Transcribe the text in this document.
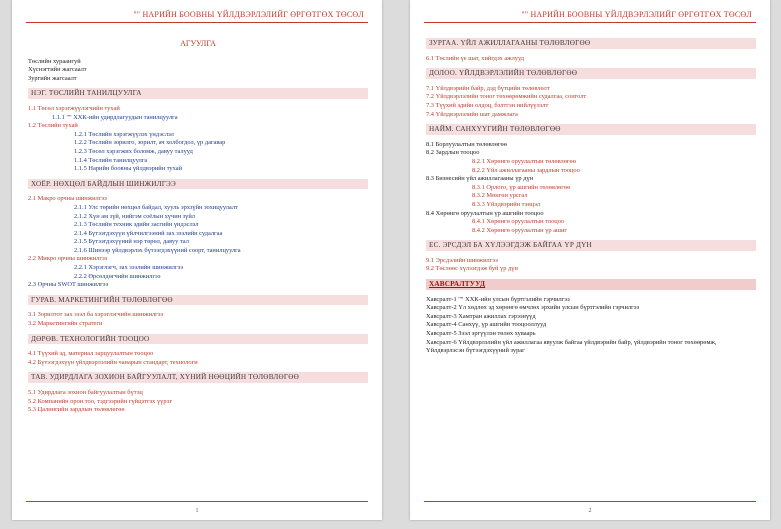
"" НАРИЙН БООВНЫ ҮЙЛДВЭРЛЭЛИЙГ ӨРГӨТГӨХ ТӨСӨЛ
АГУУЛГА
Төслийн хураангуй
Хүснэгтийн жагсаалт
Зургийн жагсаалт
НЭГ. ТӨСЛИЙН ТАНИЛЦУУЛГА
1.1 Төсөл хэрэгжүүлэгчийн тухай
1.1.1 "" ХХК-ийн удирдлагуудын танилцуулга
1.2 Төслийн тухай
1.2.1 Төслийн хэрэгжүүлэх үндэслэл
1.2.2 Төслийн зорилго, зорилт, ач холбогдол, үр дагавар
1.2.3 Төсөл хэрэгжих боломж, давуу талууд
1.1.4 Төслийн танилцуулга
1.1.5 Нарийн боовны үйлдвэрийн тухай
ХОЁР. НӨХЦӨЛ БАЙДЛЫН ШИНЖИЛГЭЭ
2.1 Макро орчны шинжилгээ
2.1.1 Улс төрийн нөхцөл байдал, хууль эрхзүйн зохицуулалт
2.1.2 Хүн ам зүй, нийгэм соёлын хүчин зүйл
2.1.3 Төслийн техник эдийн засгийн үндэслэл
2.1.4 Бүтээгдэхүүн үйлчилгээний зах зээлийн судалгаа
2.1.5 Бүтээгдэхүүний нэр төрөл, давуу тал
2.1.6 Шинээр үйлдвэрлэх бүтээгдэхүүний соорт, танилцуулга
2.2 Микро орчны шинжилгээ
2.2.1 Хэрэглэгч, зах зээлийн шинжилгээ
2.2.2 Өрсөлдөгчийн шинжилгээ
2.3 Орчны SWOT шинжилгээ
ГУРАВ. МАРКЕТИНГИЙН ТӨЛӨВЛӨГӨӨ
3.1 Зорилтот зах зээл ба хэрэглэгчийн шинжилгээ
3.2 Маркетингийн стратеги
ДӨРӨВ. ТЕХНОЛОГИЙН ТООЦОО
4.1 Түүхий эд, материал зарцуулалтын тооцоо
4.2 Бүтээгдэхүүн үйлдвэрлэлийн чанарын стандарт, технологи
ТАВ. УДИРДЛАГА ЗОХИОН БАЙГУУЛАЛТ, ХҮНИЙ НӨӨЦИЙН ТӨЛӨВЛӨГӨӨ
5.1 Удирдлага зохион байгуулалтын бүтэц
5.2 Компанийн орон тоо, тэдгээрийн гүйцэтгэх үүрэг
5.3 Цалингийн зардлын төлөвлөгөө
1
"" НАРИЙН БООВНЫ ҮЙЛДВЭРЛЭЛИЙГ ӨРГӨТГӨХ ТӨСӨЛ
ЗУРГАА. ҮЙЛ АЖИЛЛАГААНЫ ТӨЛӨВЛӨГӨӨ
6.1 Төслийн үе шат, хийгдэх ажлууд
ДОЛОО. ҮЙЛДВЭРЛЭЛИЙН ТӨЛӨВЛӨГӨӨ
7.1 Үйлдвэрийн байр, дэд бүтцийн төлөвлөлт
7.2 Үйлдвэрлэлийн тоног төхөөрөмжийн судалгаа, сонголт
7.3 Түүхий эдийн олдоц, бэлтгэн нийлүүлэлт
7.4 Үйлдвэрлэлийн шат дамжлага
НАЙМ. САНХҮҮГИЙН ТӨЛӨВЛӨГӨӨ
8.1 Борлуулалтын төлөвлөгөө
8.2 Зардлын тооцоо
8.2.1 Хөрөнгө оруулалтын төлөвлөгөө
8.2.2 Үйл ажиллагааны зардлын тооцоо
8.3 Бизнесийн үйл ажиллагааны үр дүн
8.3.1 Орлого, үр ашгийн төлөвлөгөө
8.3.2 Мөнгөн урсгал
8.3.3 Үйлдвэрийн тэнцэл
8.4 Хөрөнгө оруулалтын үр ашгийн тооцоо
8.4.1 Хөрөнгө оруулалтын тооцоо
8.4.2 Хөрөнгө оруулалтын үр ашиг
ЕС. ЭРСДЭЛ БА ХҮЛЭЭГДЭЖ БАЙГАА ҮР ДҮН
9.1 Эрсдэлийн шинжилгээ
9.2 Төслөөс хүлээгдэж буй үр дүн
ХАВСРАЛТУУД
Хавсралт-1 "" ХХК-ийн улсын бүртгэлийн гэрчилгээ
Хавсралт-2 Үл хөдлөх эд хөрөнгө өмчлөх эрхийн улсын бүртгэлийн гэрчилгээ
Хавсралт-3 Хамтран ажиллах гэрээнүүд
Хавсралт-4 Санхүү, үр ашгийн тооцооллууд
Хавсралт-5 Зээл эргүүлэн төлөх хуваарь
Хавсралт-6 Үйлдвэрлэлийн үйл ажиллагаа явуулж байгаа үйлдвэрийн байр, үйлдвэрийн тоног төхөөрөмж, Үйлдвэрлэсэн бүтээгдэхүүний зураг
2
